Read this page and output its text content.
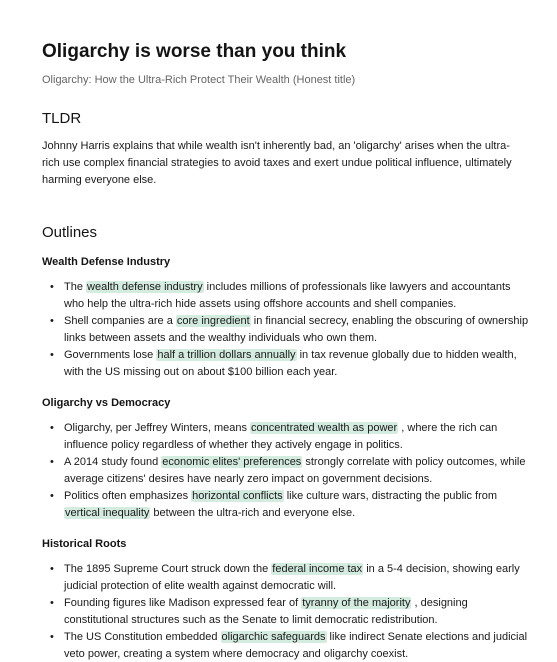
Oligarchy is worse than you think
Oligarchy: How the Ultra-Rich Protect Their Wealth (Honest title)
TLDR
Johnny Harris explains that while wealth isn't inherently bad, an 'oligarchy' arises when the ultra-rich use complex financial strategies to avoid taxes and exert undue political influence, ultimately harming everyone else.
Outlines
Wealth Defense Industry
• The wealth defense industry includes millions of professionals like lawyers and accountants who help the ultra-rich hide assets using offshore accounts and shell companies.
• Shell companies are a core ingredient in financial secrecy, enabling the obscuring of ownership links between assets and the wealthy individuals who own them.
• Governments lose half a trillion dollars annually in tax revenue globally due to hidden wealth, with the US missing out on about $100 billion each year.
Oligarchy vs Democracy
• Oligarchy, per Jeffrey Winters, means concentrated wealth as power , where the rich can influence policy regardless of whether they actively engage in politics.
• A 2014 study found economic elites' preferences strongly correlate with policy outcomes, while average citizens' desires have nearly zero impact on government decisions.
• Politics often emphasizes horizontal conflicts like culture wars, distracting the public from vertical inequality between the ultra-rich and everyone else.
Historical Roots
• The 1895 Supreme Court struck down the federal income tax in a 5-4 decision, showing early judicial protection of elite wealth against democratic will.
• Founding figures like Madison expressed fear of tyranny of the majority , designing constitutional structures such as the Senate to limit democratic redistribution.
• The US Constitution embedded oligarchic safeguards like indirect Senate elections and judicial veto power, creating a system where democracy and oligarchy coexist.
